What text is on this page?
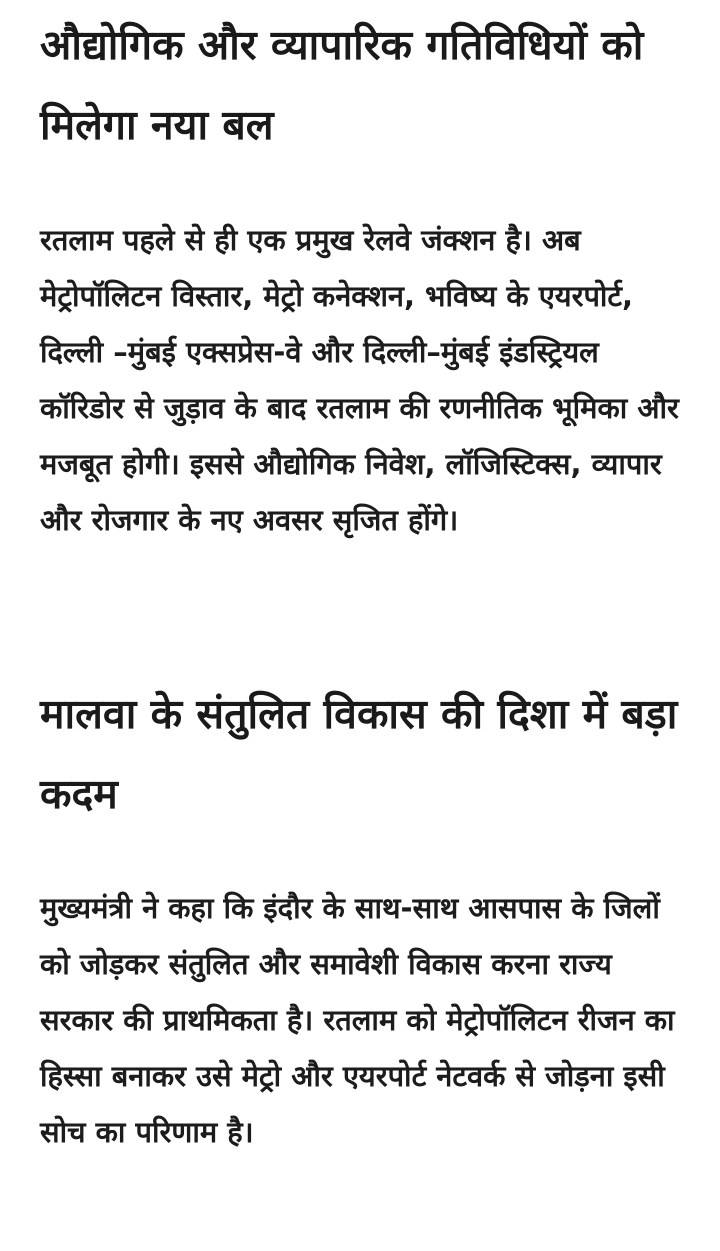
औद्योगिक और व्यापारिक गतिविधियों को मिलेगा नया बल

रतलाम पहले से ही एक प्रमुख रेलवे जंक्शन है। अब मेट्रोपॉलिटन विस्तार, मेट्रो कनेक्शन, भविष्य के एयरपोर्ट, दिल्ली –मुंबई एक्सप्रेस-वे और दिल्ली–मुंबई इंडस्ट्रियल कॉरिडोर से जुड़ाव के बाद रतलाम की रणनीतिक भूमिका और मजबूत होगी। इससे औद्योगिक निवेश, लॉजिस्टिक्स, व्यापार और रोजगार के नए अवसर सृजित होंगे।

मालवा के संतुलित विकास की दिशा में बड़ा कदम

मुख्यमंत्री ने कहा कि इंदौर के साथ-साथ आसपास के जिलों को जोड़कर संतुलित और समावेशी विकास करना राज्य सरकार की प्राथमिकता है। रतलाम को मेट्रोपॉलिटन रीजन का हिस्सा बनाकर उसे मेट्रो और एयरपोर्ट नेटवर्क से जोड़ना इसी सोच का परिणाम है।
